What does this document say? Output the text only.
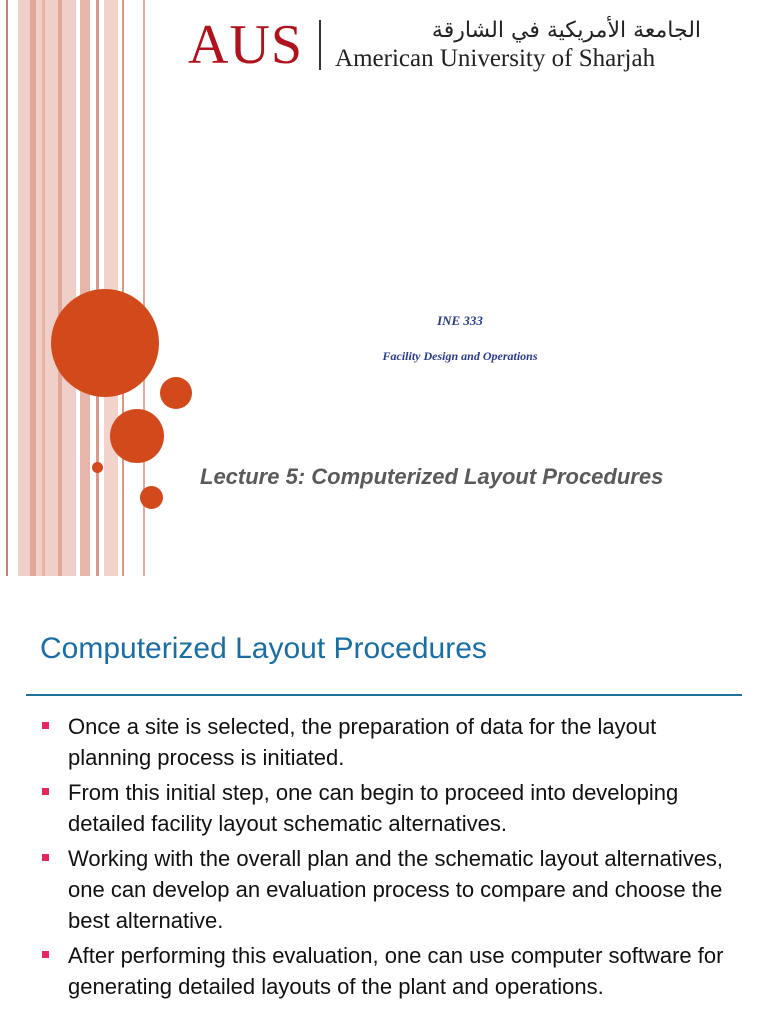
AUS	الجامعة الأمريكية في الشارقة
American University of Sharjah
INE 333
Facility Design and Operations
Lecture 5: Computerized Layout Procedures
Computerized Layout Procedures
Once a site is selected, the preparation of data for the layout planning process is initiated.
From this initial step, one can begin to proceed into developing detailed facility layout schematic alternatives.
Working with the overall plan and the schematic layout alternatives, one can develop an evaluation process to compare and choose the best alternative.
After performing this evaluation, one can use computer software for generating detailed layouts of the plant and operations.
